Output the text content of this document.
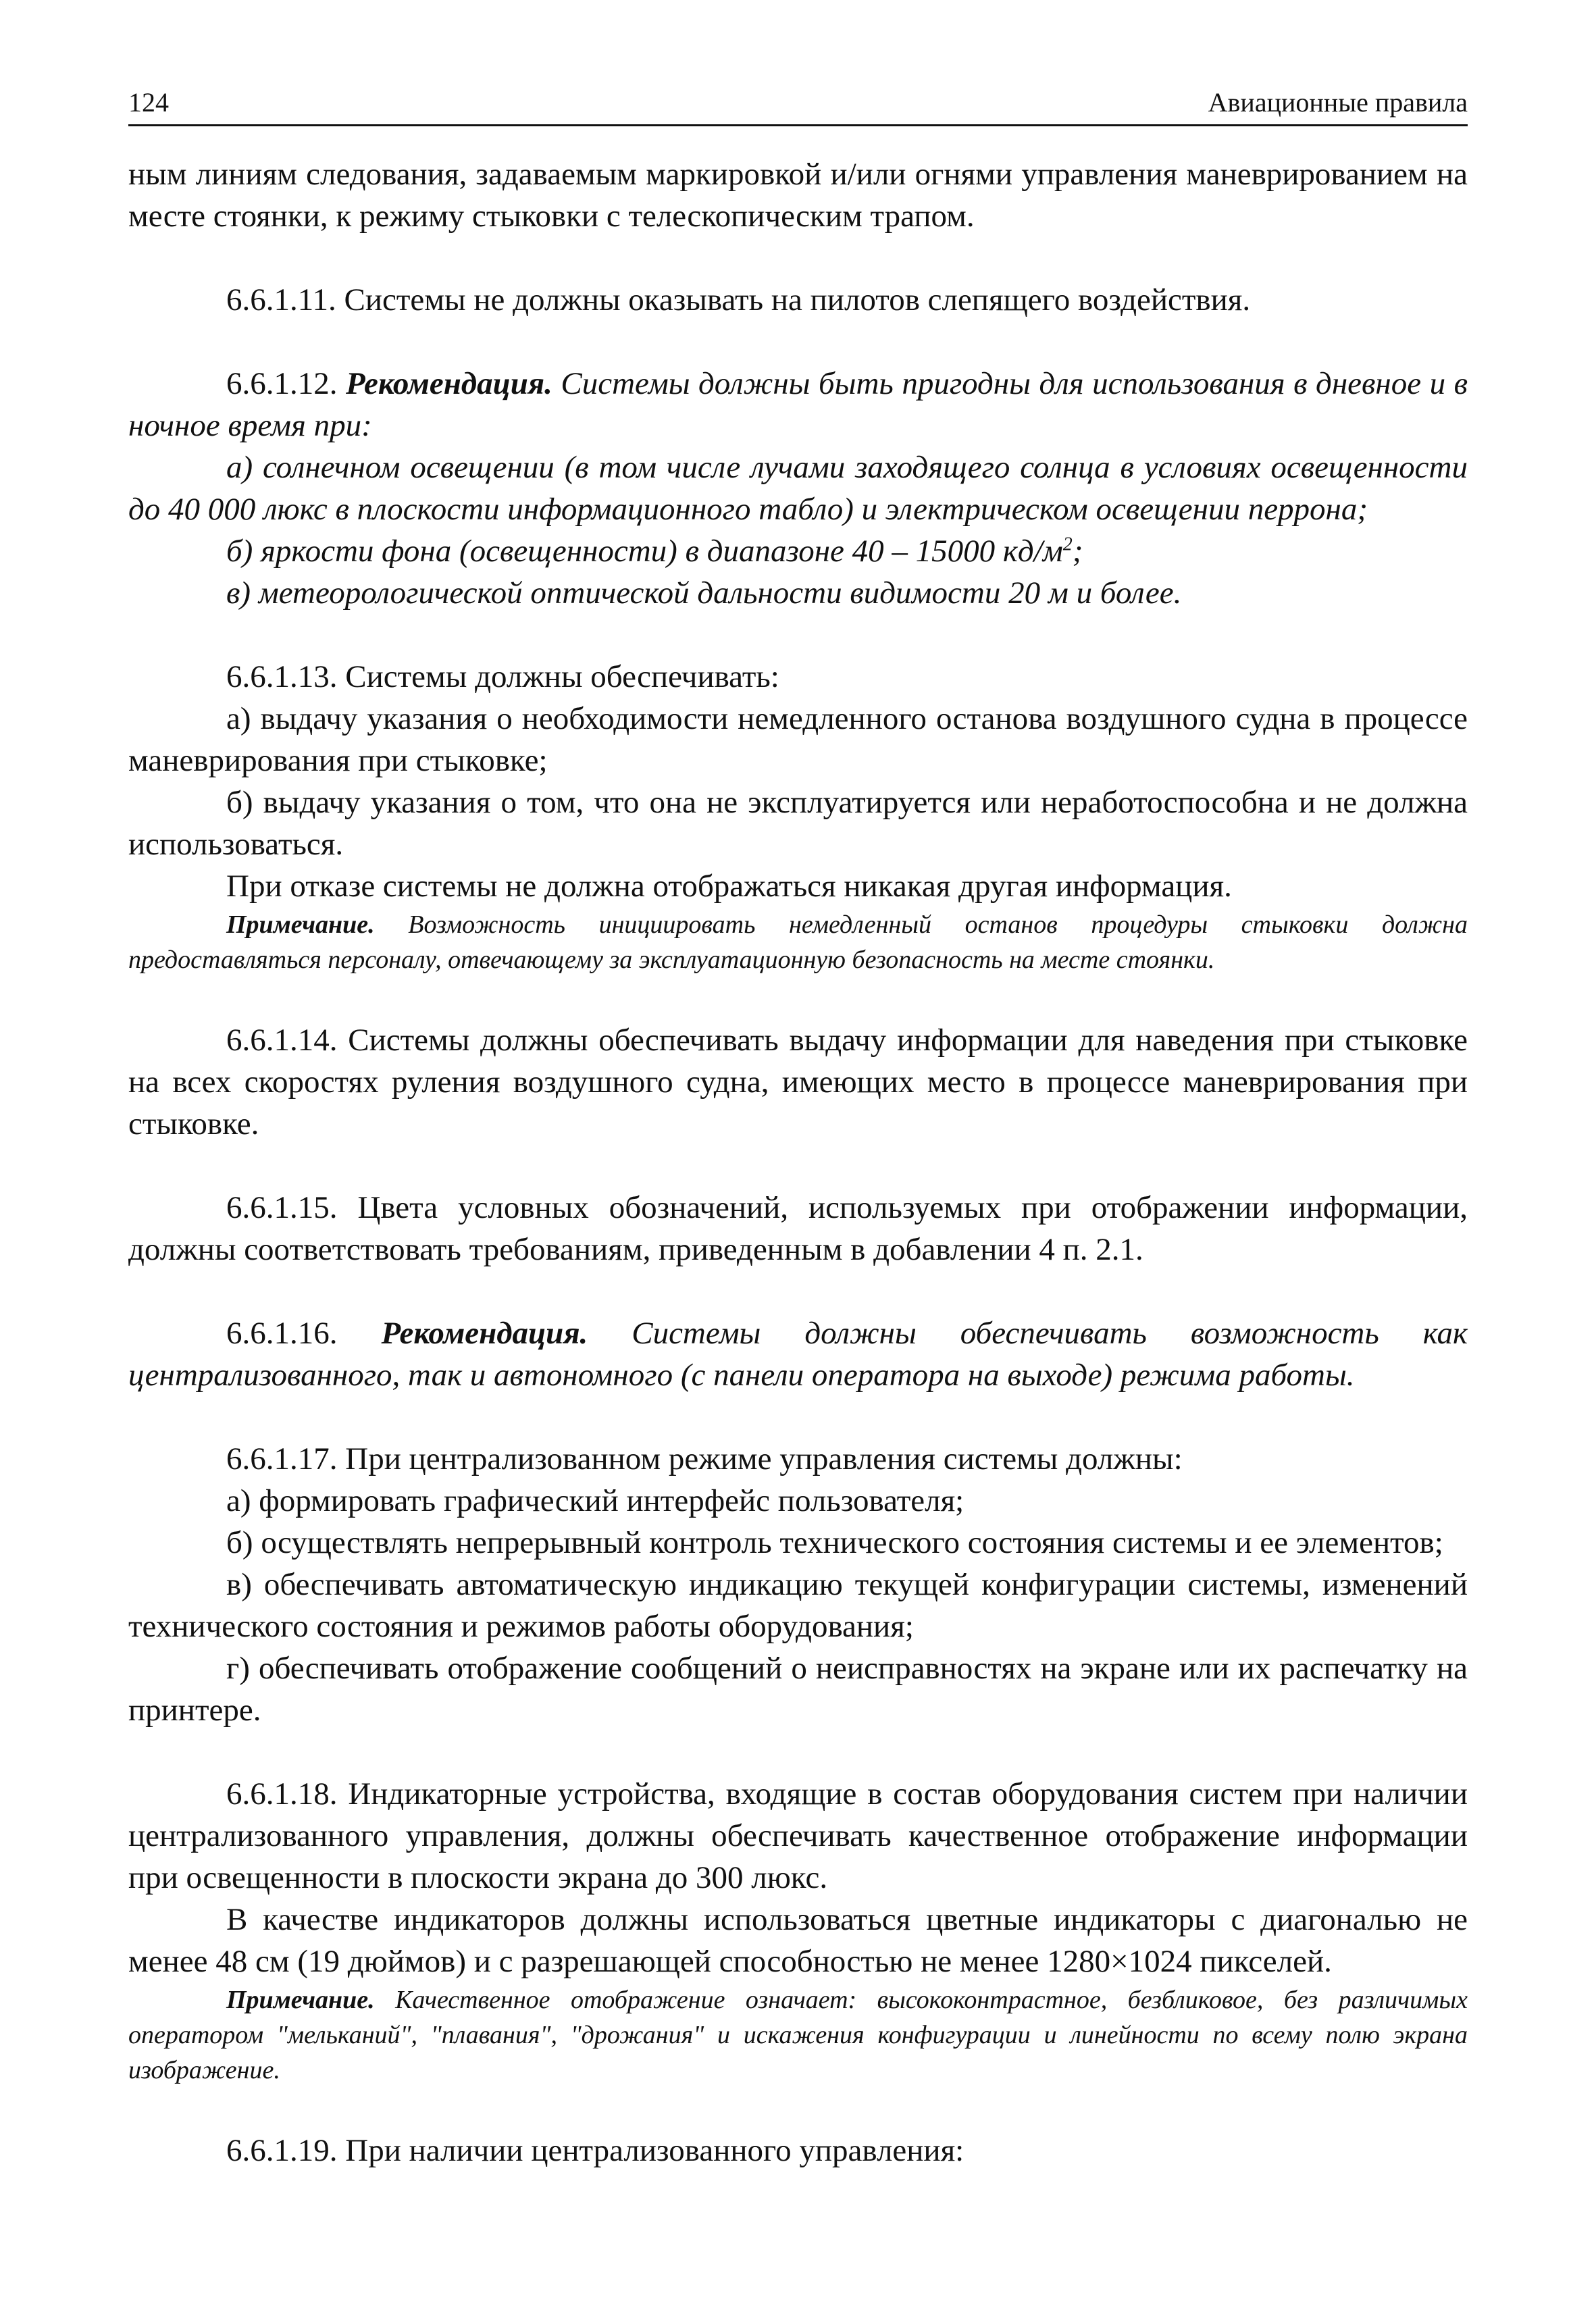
124	Авиационные правила

ным линиям следования, задаваемым маркировкой и/или огнями управления маневрированием на месте стоянки, к режиму стыковки с телескопическим трапом.

6.6.1.11. Системы не должны оказывать на пилотов слепящего воздействия.

6.6.1.12. Рекомендация. Системы должны быть пригодны для использования в дневное и в ночное время при:

а) солнечном освещении (в том числе лучами заходящего солнца в условиях освещенности до 40 000 люкс в плоскости информационного табло) и электрическом освещении перрона;

б) яркости фона (освещенности) в диапазоне 40 – 15000 $кд/м^2$;

в) метеорологической оптической дальности видимости 20 м и более.

6.6.1.13. Системы должны обеспечивать:

а) выдачу указания о необходимости немедленного останова воздушного судна в процессе маневрирования при стыковке;

б) выдачу указания о том, что она не эксплуатируется или неработоспособна и не должна использоваться.

При отказе системы не должна отображаться никакая другая информация.

Примечание. Возможность инициировать немедленный останов процедуры стыковки должна предоставляться персоналу, отвечающему за эксплуатационную безопасность на месте стоянки.

6.6.1.14. Системы должны обеспечивать выдачу информации для наведения при стыковке на всех скоростях руления воздушного судна, имеющих место в процессе маневрирования при стыковке.

6.6.1.15. Цвета условных обозначений, используемых при отображении информации, должны соответствовать требованиям, приведенным в добавлении 4 п. 2.1.

6.6.1.16. Рекомендация. Системы должны обеспечивать возможность как централизованного, так и автономного (с панели оператора на выходе) режима работы.

6.6.1.17. При централизованном режиме управления системы должны:

а) формировать графический интерфейс пользователя;

б) осуществлять непрерывный контроль технического состояния системы и ее элементов;

в) обеспечивать автоматическую индикацию текущей конфигурации системы, изменений технического состояния и режимов работы оборудования;

г) обеспечивать отображение сообщений о неисправностях на экране или их распечатку на принтере.

6.6.1.18. Индикаторные устройства, входящие в состав оборудования систем при наличии централизованного управления, должны обеспечивать качественное отображение информации при освещенности в плоскости экрана до 300 люкс.

В качестве индикаторов должны использоваться цветные индикаторы с диагональю не менее 48 см (19 дюймов) и с разрешающей способностью не менее 1280×1024 пикселей.

Примечание. Качественное отображение означает: высококонтрастное, безбликовое, без различимых оператором "мельканий", "плавания", "дрожания" и искажения конфигурации и линейности по всему полю экрана изображение.

6.6.1.19. При наличии централизованного управления:
